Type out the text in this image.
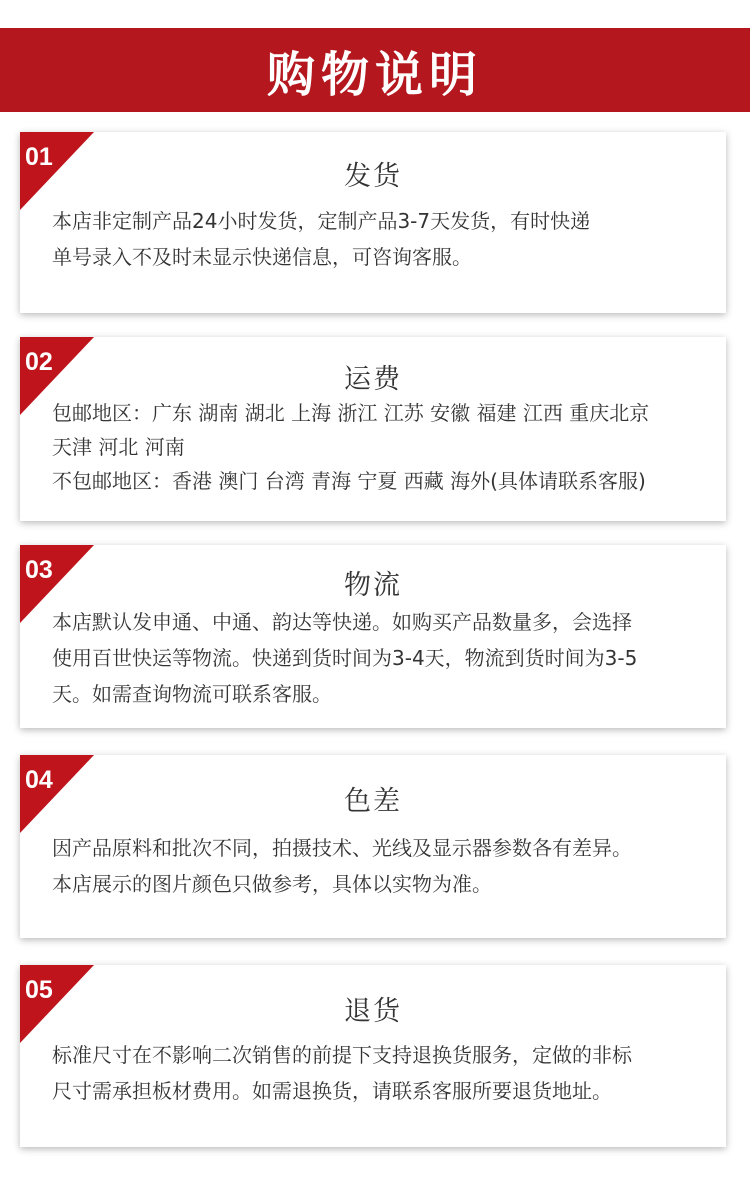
购物说明
01
发货

本店非定制产品24小时发货，定制产品3-7天发货，有时快递

单号录入不及时未显示快递信息，可咨询客服。

02
运费

包邮地区：广东 湖南 湖北 上海 浙江 江苏 安徽 福建 江西 重庆北京

天津 河北 河南

不包邮地区：香港 澳门 台湾 青海 宁夏 西藏 海外(具体请联系客服)

03	物流

本店默认发申通、中通、韵达等快递。如购买产品数量多，会选择

使用百世快运等物流。快递到货时间为3-4天，物流到货时间为3-5

天。如需查询物流可联系客服。

04
色差

因产品原料和批次不同，拍摄技术、光线及显示器参数各有差异。

本店展示的图片颜色只做参考，具体以实物为准。

05
退货

标准尺寸在不影响二次销售的前提下支持退换货服务，定做的非标

尺寸需承担板材费用。如需退换货，请联系客服所要退货地址。
